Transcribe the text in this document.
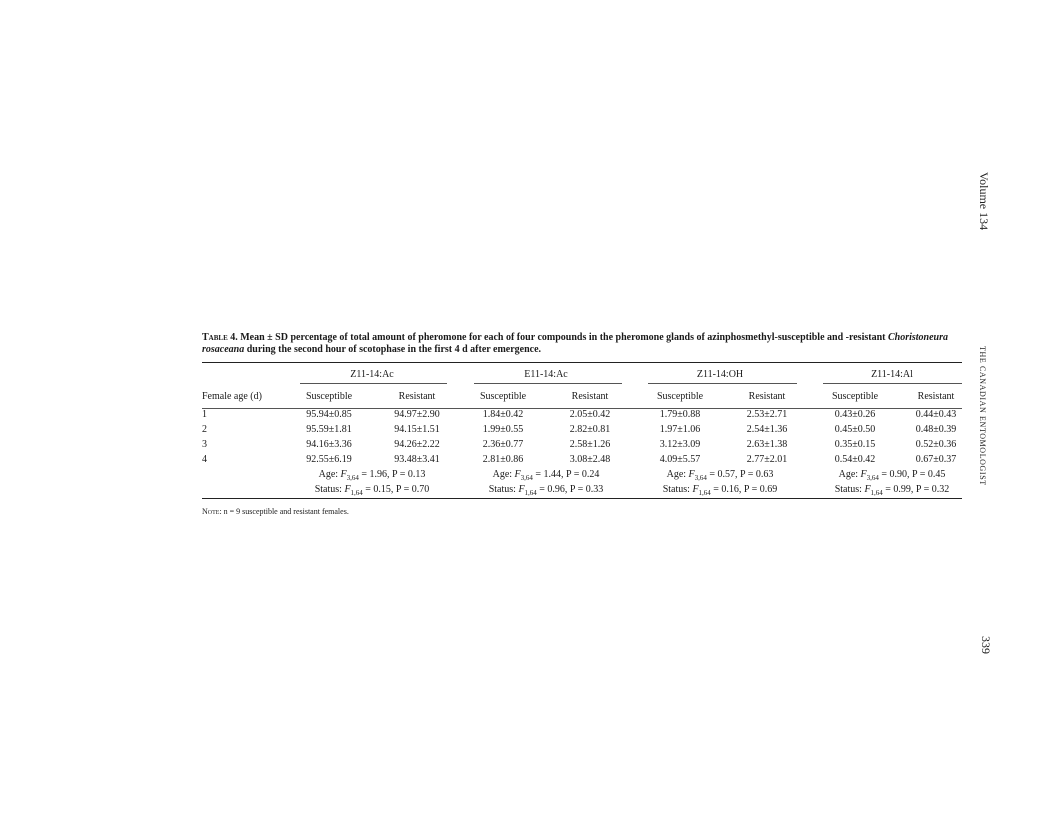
Volume 134
THE CANADIAN ENTOMOLOGIST
339
Table 4. Mean ± SD percentage of total amount of pheromone for each of four compounds in the pheromone glands of azinphosmethyl-susceptible and -resistant Choristoneura rosaceana during the second hour of scotophase in the first 4 d after emergence.
Z11-14:Ac	E11-14:Ac	Z11-14:OH	Z11-14:Al
Female age (d)	Susceptible	Resistant	Susceptible	Resistant	Susceptible	Resistant	Susceptible	Resistant
1	95.94±0.85	94.97±2.90	1.84±0.42	2.05±0.42	1.79±0.88	2.53±2.71	0.43±0.26	0.44±0.43
2	95.59±1.81	94.15±1.51	1.99±0.55	2.82±0.81	1.97±1.06	2.54±1.36	0.45±0.50	0.48±0.39
3	94.16±3.36	94.26±2.22	2.36±0.77	2.58±1.26	3.12±3.09	2.63±1.38	0.35±0.15	0.52±0.36
4	92.55±6.19	93.48±3.41	2.81±0.86	3.08±2.48	4.09±5.57	2.77±2.01	0.54±0.42	0.67±0.37
Age: $F_{3,64} = 1.96$, P = 0.13	Age: $F_{3,64} = 1.44$, P = 0.24	Age: $F_{3,64} = 0.57$, P = 0.63	Age: $F_{3,64} = 0.90$, P = 0.45
Status: $F_{1,64} = 0.15$, P = 0.70	Status: $F_{1,64} = 0.96$, P = 0.33	Status: $F_{1,64} = 0.16$, P = 0.69	Status: $F_{1,64} = 0.99$, P = 0.32
Note: n = 9 susceptible and resistant females.
